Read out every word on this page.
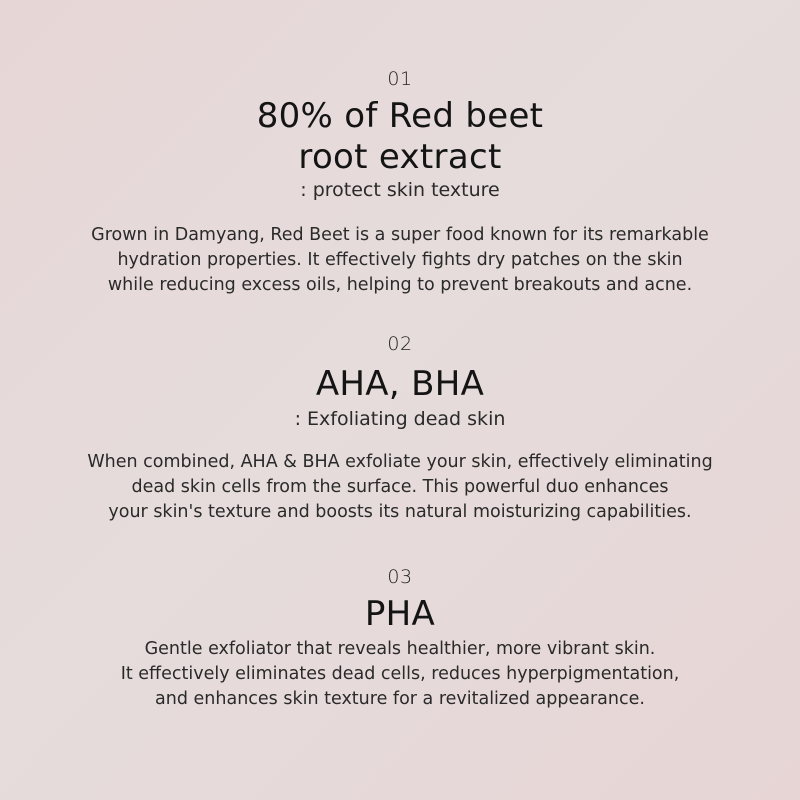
01
80% of Red beet
root extract
: protect skin texture
Grown in Damyang, Red Beet is a super food known for its remarkable
hydration properties. It effectively fights dry patches on the skin
while reducing excess oils, helping to prevent breakouts and acne.
02
AHA, BHA
: Exfoliating dead skin
When combined, AHA & BHA exfoliate your skin, effectively eliminating
dead skin cells from the surface. This powerful duo enhances
your skin's texture and boosts its natural moisturizing capabilities.
03
PHA
Gentle exfoliator that reveals healthier, more vibrant skin.
It effectively eliminates dead cells, reduces hyperpigmentation,
and enhances skin texture for a revitalized appearance.
